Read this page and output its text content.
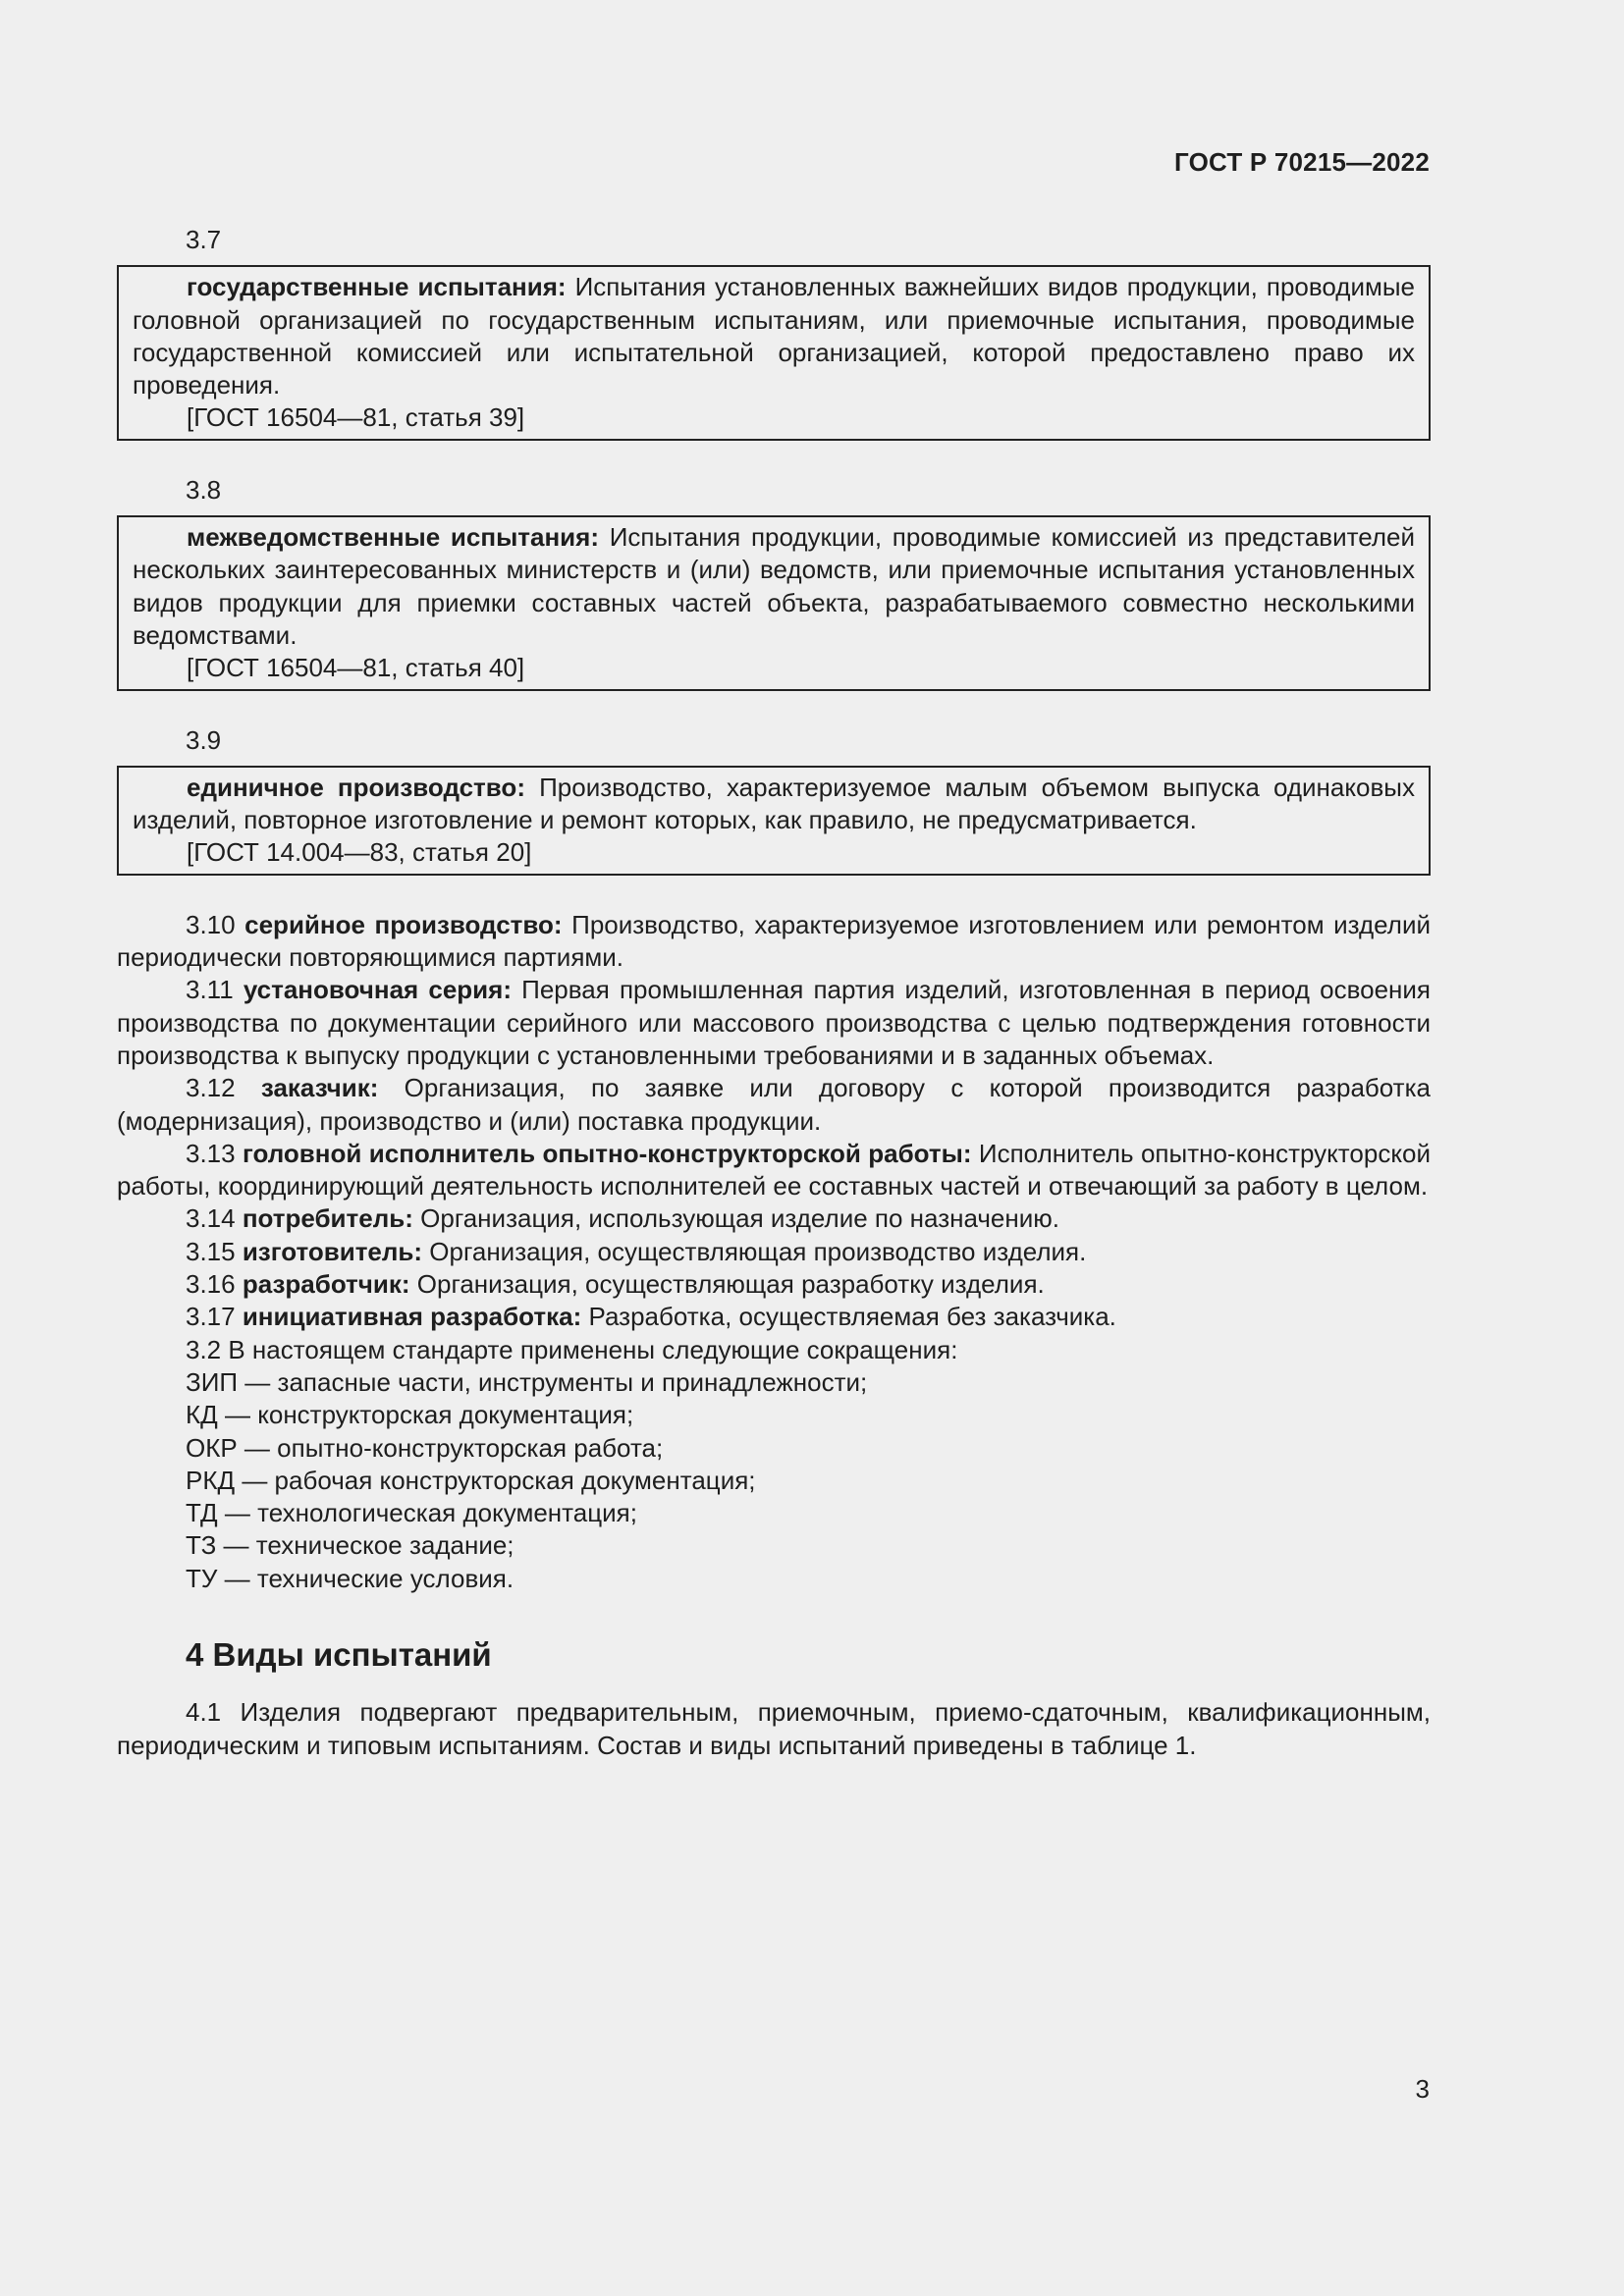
ГОСТ Р 70215—2022
3.7

государственные испытания: Испытания установленных важнейших видов продукции, проводимые головной организацией по государственным испытаниям, или приемочные испытания, проводимые государственной комиссией или испытательной организацией, которой предоставлено право их проведения.

[ГОСТ 16504—81, статья 39]

3.8

межведомственные испытания: Испытания продукции, проводимые комиссией из представителей нескольких заинтересованных министерств и (или) ведомств, или приемочные испытания установленных видов продукции для приемки составных частей объекта, разрабатываемого совместно несколькими ведомствами.

[ГОСТ 16504—81, статья 40]

3.9

единичное производство: Производство, характеризуемое малым объемом выпуска одинаковых изделий, повторное изготовление и ремонт которых, как правило, не предусматривается.

[ГОСТ 14.004—83, статья 20]

3.10 серийное производство: Производство, характеризуемое изготовлением или ремонтом изделий периодически повторяющимися партиями.

3.11 установочная серия: Первая промышленная партия изделий, изготовленная в период освоения производства по документации серийного или массового производства с целью подтверждения готовности производства к выпуску продукции с установленными требованиями и в заданных объемах.

3.12 заказчик: Организация, по заявке или договору с которой производится разработка (модернизация), производство и (или) поставка продукции.

3.13 головной исполнитель опытно-конструкторской работы: Исполнитель опытно-конструкторской работы, координирующий деятельность исполнителей ее составных частей и отвечающий за работу в целом.

3.14 потребитель: Организация, использующая изделие по назначению.

3.15 изготовитель: Организация, осуществляющая производство изделия.

3.16 разработчик: Организация, осуществляющая разработку изделия.

3.17 инициативная разработка: Разработка, осуществляемая без заказчика.

3.2 В настоящем стандарте применены следующие сокращения:

ЗИП — запасные части, инструменты и принадлежности;

КД — конструкторская документация;

ОКР — опытно-конструкторская работа;

РКД — рабочая конструкторская документация;

ТД — технологическая документация;

ТЗ — техническое задание;

ТУ — технические условия.

4 Виды испытаний

4.1 Изделия подвергают предварительным, приемочным, приемо-сдаточным, квалификационным, периодическим и типовым испытаниям. Состав и виды испытаний приведены в таблице 1.

3
